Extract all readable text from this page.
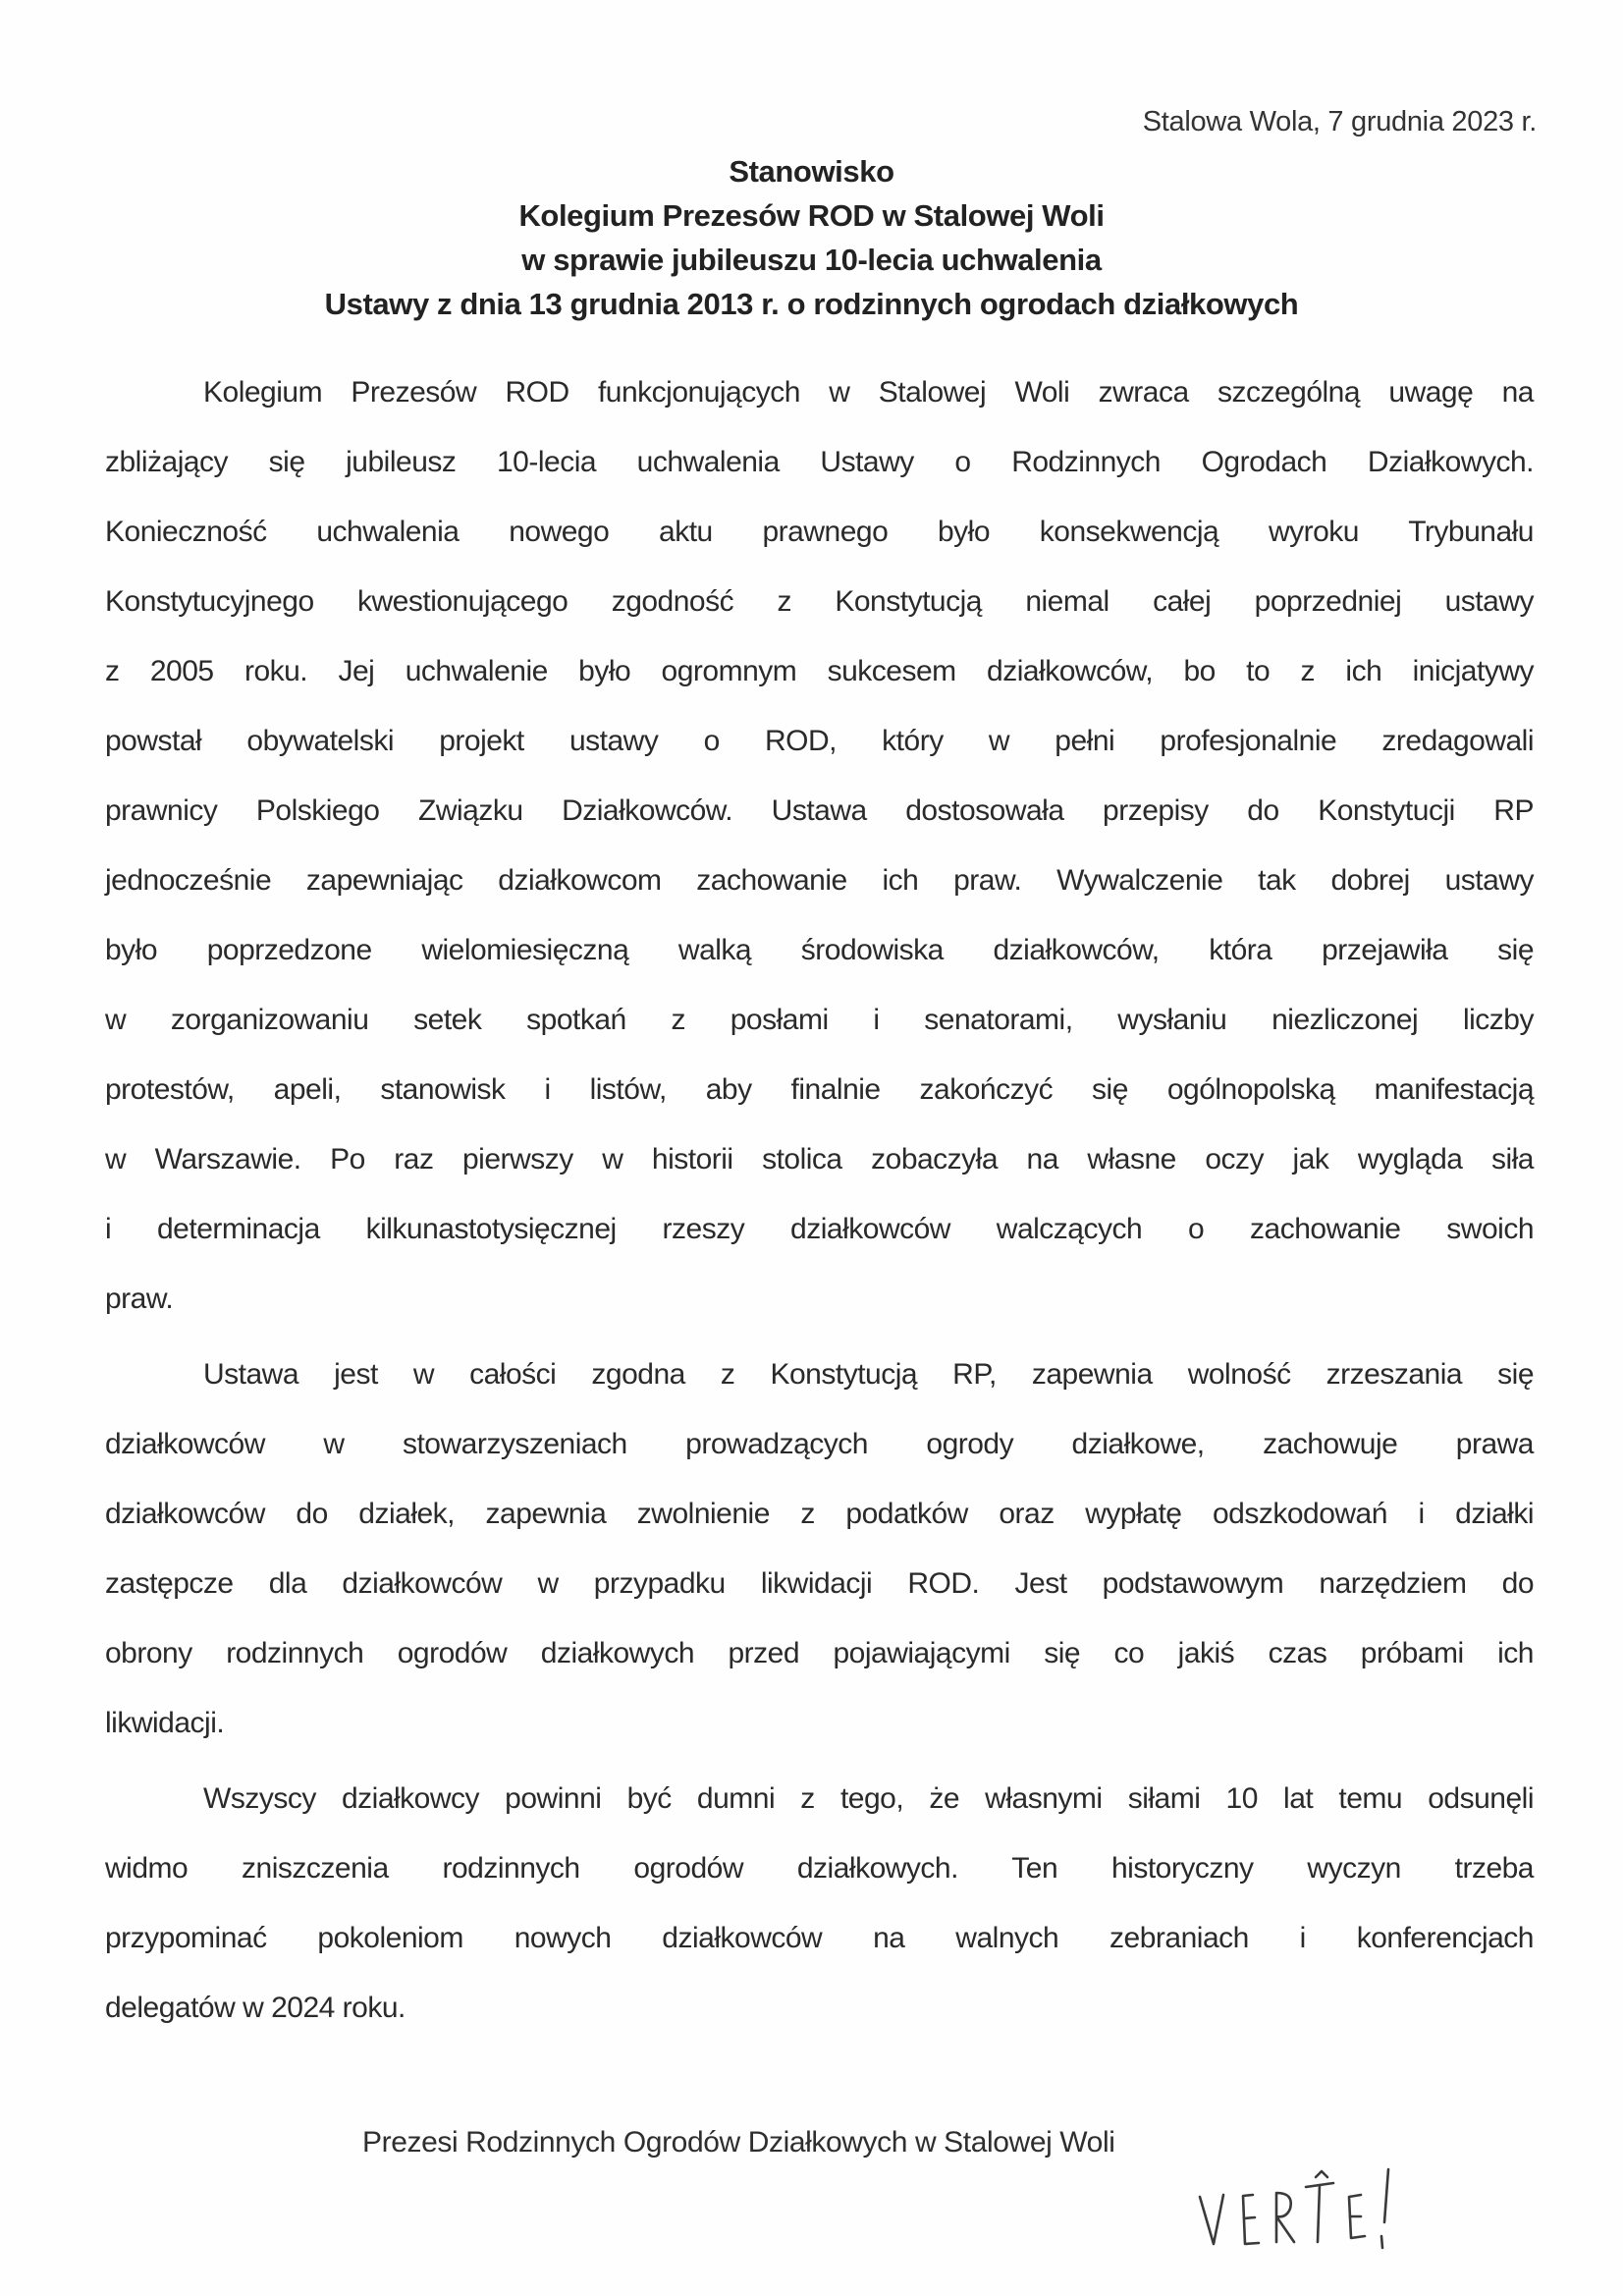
Stalowa Wola, 7 grudnia 2023 r.
Stanowisko
Kolegium Prezesów ROD w Stalowej Woli
w sprawie jubileuszu 10-lecia uchwalenia
Ustawy z dnia 13 grudnia 2013 r. o rodzinnych ogrodach działkowych
Kolegium Prezesów ROD funkcjonujących w Stalowej Woli zwraca szczególną uwagę na
zbliżający się jubileusz 10-lecia uchwalenia Ustawy o Rodzinnych Ogrodach Działkowych.
Konieczność uchwalenia nowego aktu prawnego było konsekwencją wyroku Trybunału
Konstytucyjnego kwestionującego zgodność z Konstytucją niemal całej poprzedniej ustawy
z 2005 roku. Jej uchwalenie było ogromnym sukcesem działkowców, bo to z ich inicjatywy
powstał obywatelski projekt ustawy o ROD, który w pełni profesjonalnie zredagowali
prawnicy Polskiego Związku Działkowców. Ustawa dostosowała przepisy do Konstytucji RP
jednocześnie zapewniając działkowcom zachowanie ich praw. Wywalczenie tak dobrej ustawy
było poprzedzone wielomiesięczną walką środowiska działkowców, która przejawiła się
w zorganizowaniu setek spotkań z posłami i senatorami, wysłaniu niezliczonej liczby
protestów, apeli, stanowisk i listów, aby finalnie zakończyć się ogólnopolską manifestacją
w Warszawie. Po raz pierwszy w historii stolica zobaczyła na własne oczy jak wygląda siła
i determinacja kilkunastotysięcznej rzeszy działkowców walczących o zachowanie swoich
praw.
Ustawa jest w całości zgodna z Konstytucją RP, zapewnia wolność zrzeszania się
działkowców w stowarzyszeniach prowadzących ogrody działkowe, zachowuje prawa
działkowców do działek, zapewnia zwolnienie z podatków oraz wypłatę odszkodowań i działki
zastępcze dla działkowców w przypadku likwidacji ROD. Jest podstawowym narzędziem do
obrony rodzinnych ogrodów działkowych przed pojawiającymi się co jakiś czas próbami ich
likwidacji.
Wszyscy działkowcy powinni być dumni z tego, że własnymi siłami 10 lat temu odsunęli
widmo zniszczenia rodzinnych ogrodów działkowych. Ten historyczny wyczyn trzeba
przypominać pokoleniom nowych działkowców na walnych zebraniach i konferencjach
delegatów w 2024 roku.
Prezesi Rodzinnych Ogrodów Działkowych w Stalowej Woli
